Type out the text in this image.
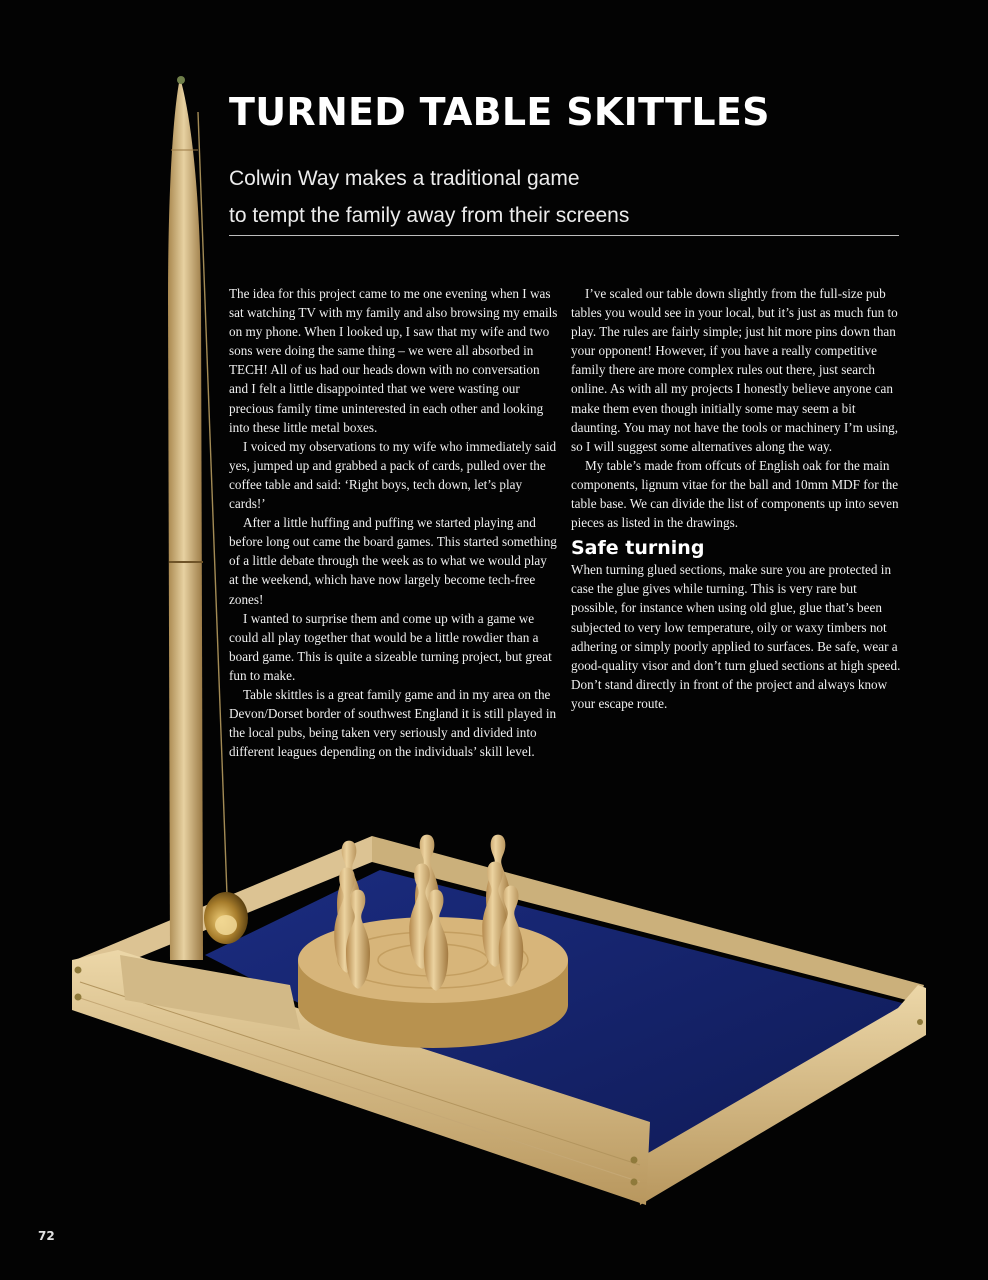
TURNED TABLE SKITTLES
Colwin Way makes a traditional game
to tempt the family away from their screens

The idea for this project came to me one evening when I was sat watching TV with my family and also browsing my emails on my phone. When I looked up, I saw that my wife and two sons were doing the same thing – we were all absorbed in TECH! All of us had our heads down with no conversation and I felt a little disappointed that we were wasting our precious family time uninterested in each other and looking into these little metal boxes.

I voiced my observations to my wife who immediately said yes, jumped up and grabbed a pack of cards, pulled over the coffee table and said: ‘Right boys, tech down, let’s play cards!’

After a little huffing and puffing we started playing and before long out came the board games. This started something of a little debate through the week as to what we would play at the weekend, which have now largely become tech-free zones!

I wanted to surprise them and come up with a game we could all play together that would be a little rowdier than a board game. This is quite a sizeable turning project, but great fun to make.

Table skittles is a great family game and in my area on the Devon/Dorset border of southwest England it is still played in the local pubs, being taken very seriously and divided into different leagues depending on the individuals’ skill level.

I’ve scaled our table down slightly from the full-size pub tables you would see in your local, but it’s just as much fun to play. The rules are fairly simple; just hit more pins down than your opponent! However, if you have a really competitive family there are more complex rules out there, just search online. As with all my projects I honestly believe anyone can make them even though initially some may seem a bit daunting. You may not have the tools or machinery I’m using, so I will suggest some alternatives along the way.

My table’s made from offcuts of English oak for the main components, lignum vitae for the ball and 10mm MDF for the table base. We can divide the list of components up into seven pieces as listed in the drawings.

Safe turning

When turning glued sections, make sure you are protected in case the glue gives while turning. This is very rare but possible, for instance when using old glue, glue that’s been subjected to very low temperature, oily or waxy timbers not adhering or simply poorly applied to surfaces. Be safe, wear a good-quality visor and don’t turn glued sections at high speed. Don’t stand directly in front of the project and always know your escape route.

72
